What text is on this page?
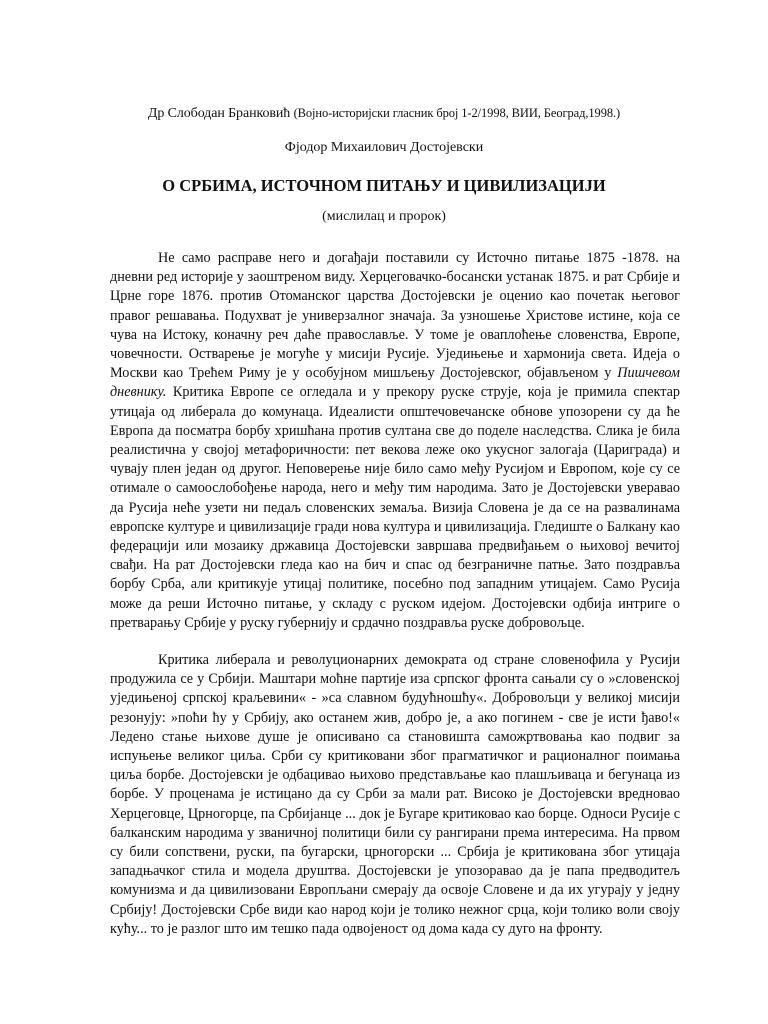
Др Слободан Бранковић (Војно-историјски гласник број 1-2/1998, ВИИ, Београд,1998.)
Фјодор Михаилович Достојевски
О СРБИМА, ИСТОЧНОМ ПИТАЊУ И ЦИВИЛИЗАЦИЈИ
(мислилац и пророк)

Не само расправе него и догађаји поставили су Источно питање 1875 -1878. на дневни ред историје у заоштреном виду. Херцеговачко-босански устанак 1875. и рат Србије и Црне горе 1876. против Отоманског царства Достојевски је оценио као почетак његовог правог решавања. Подухват је универзалног значаја. За узношење Христове истине, која се чува на Истоку, коначну реч даће православље. У томе је оваплоћење словенства, Европе, човечности. Остварење је могуће у мисији Русије. Уједињење и хармонија света. Идеја о Москви као Трећем Риму је у особујном мишљењу Достојевског, објављеном у Пишчевом дневнику. Критика Европе се огледала и у прекору руске струје, која је примила спектар утицаја од либерала до комунаца. Идеалисти општечовечанске обнове упозорени су да ће Европа да посматра борбу хришћана против султана све до поделе наследства. Слика је била реалистична у својој метафоричности: пет векова леже око укусног залогаја (Цариграда) и чувају плен један од другог. Неповерење није било само међу Русијом и Европом, које су се отимале о самоослобођење народа, него и међу тим народима. Зато је Достојевски уверавао да Русија неће узети ни педаљ словенских земаља. Визија Словена је да се на развалинама европске културе и цивилизације гради нова култура и цивилизација. Гледиште о Балкану као федерацији или мозаику државица Достојевски завршава предвиђањем о њиховој вечитој свађи. На рат Достојевски гледа као на бич и спас од безграничне патње. Зато поздравља борбу Срба, али критикује утицај политике, посебно под западним утицајем. Само Русија може да реши Источно питање, у складу с руском идејом. Достојевски одбија интриге о претварању Србије у руску губернију и срдачно поздравља руске добровољце.

Критика либерала и револуционарних демократа од стране словенофила у Русији продужила се у Србији. Маштари моћне партије иза српског фронта сањали су о »словенској уједињеној српској краљевини« - »са славном будућношћу«. Добровољци у великој мисији резонују: »поћи ћу у Србију, ако останем жив, добро је, а ако погинем - све је исти ђаво!« Ледено стање њихове душе је описивано са становишта саможртвовања као подвиг за испуњење великог циља. Срби су критиковани због прагматичког и рационалног поимања циља борбе. Достојевски је одбацивао њихово представљање као плашљиваца и бегунаца из борбе. У проценама је истицано да су Срби за мали рат. Високо је Достојевски вредновао Херцеговце, Црногорце, па Србијанце ... док је Бугаре критиковао као борце. Односи Русије с балканским народима у званичној политици били су рангирани према интересима. На првом су били сопствени, руски, па бугарски, црногорски ... Србија је критикована због утицаја западњачког стила и модела друштва. Достојевски је упозоравао да је папа предводитељ комунизма и да цивилизовани Европљани смерају да освоје Словене и да их угурају у једну Србију! Достојевски Србе види као народ који је толико нежног срца, који толико воли своју кућу... то је разлог што им тешко пада одвојеност од дома када су дуго на фронту.
